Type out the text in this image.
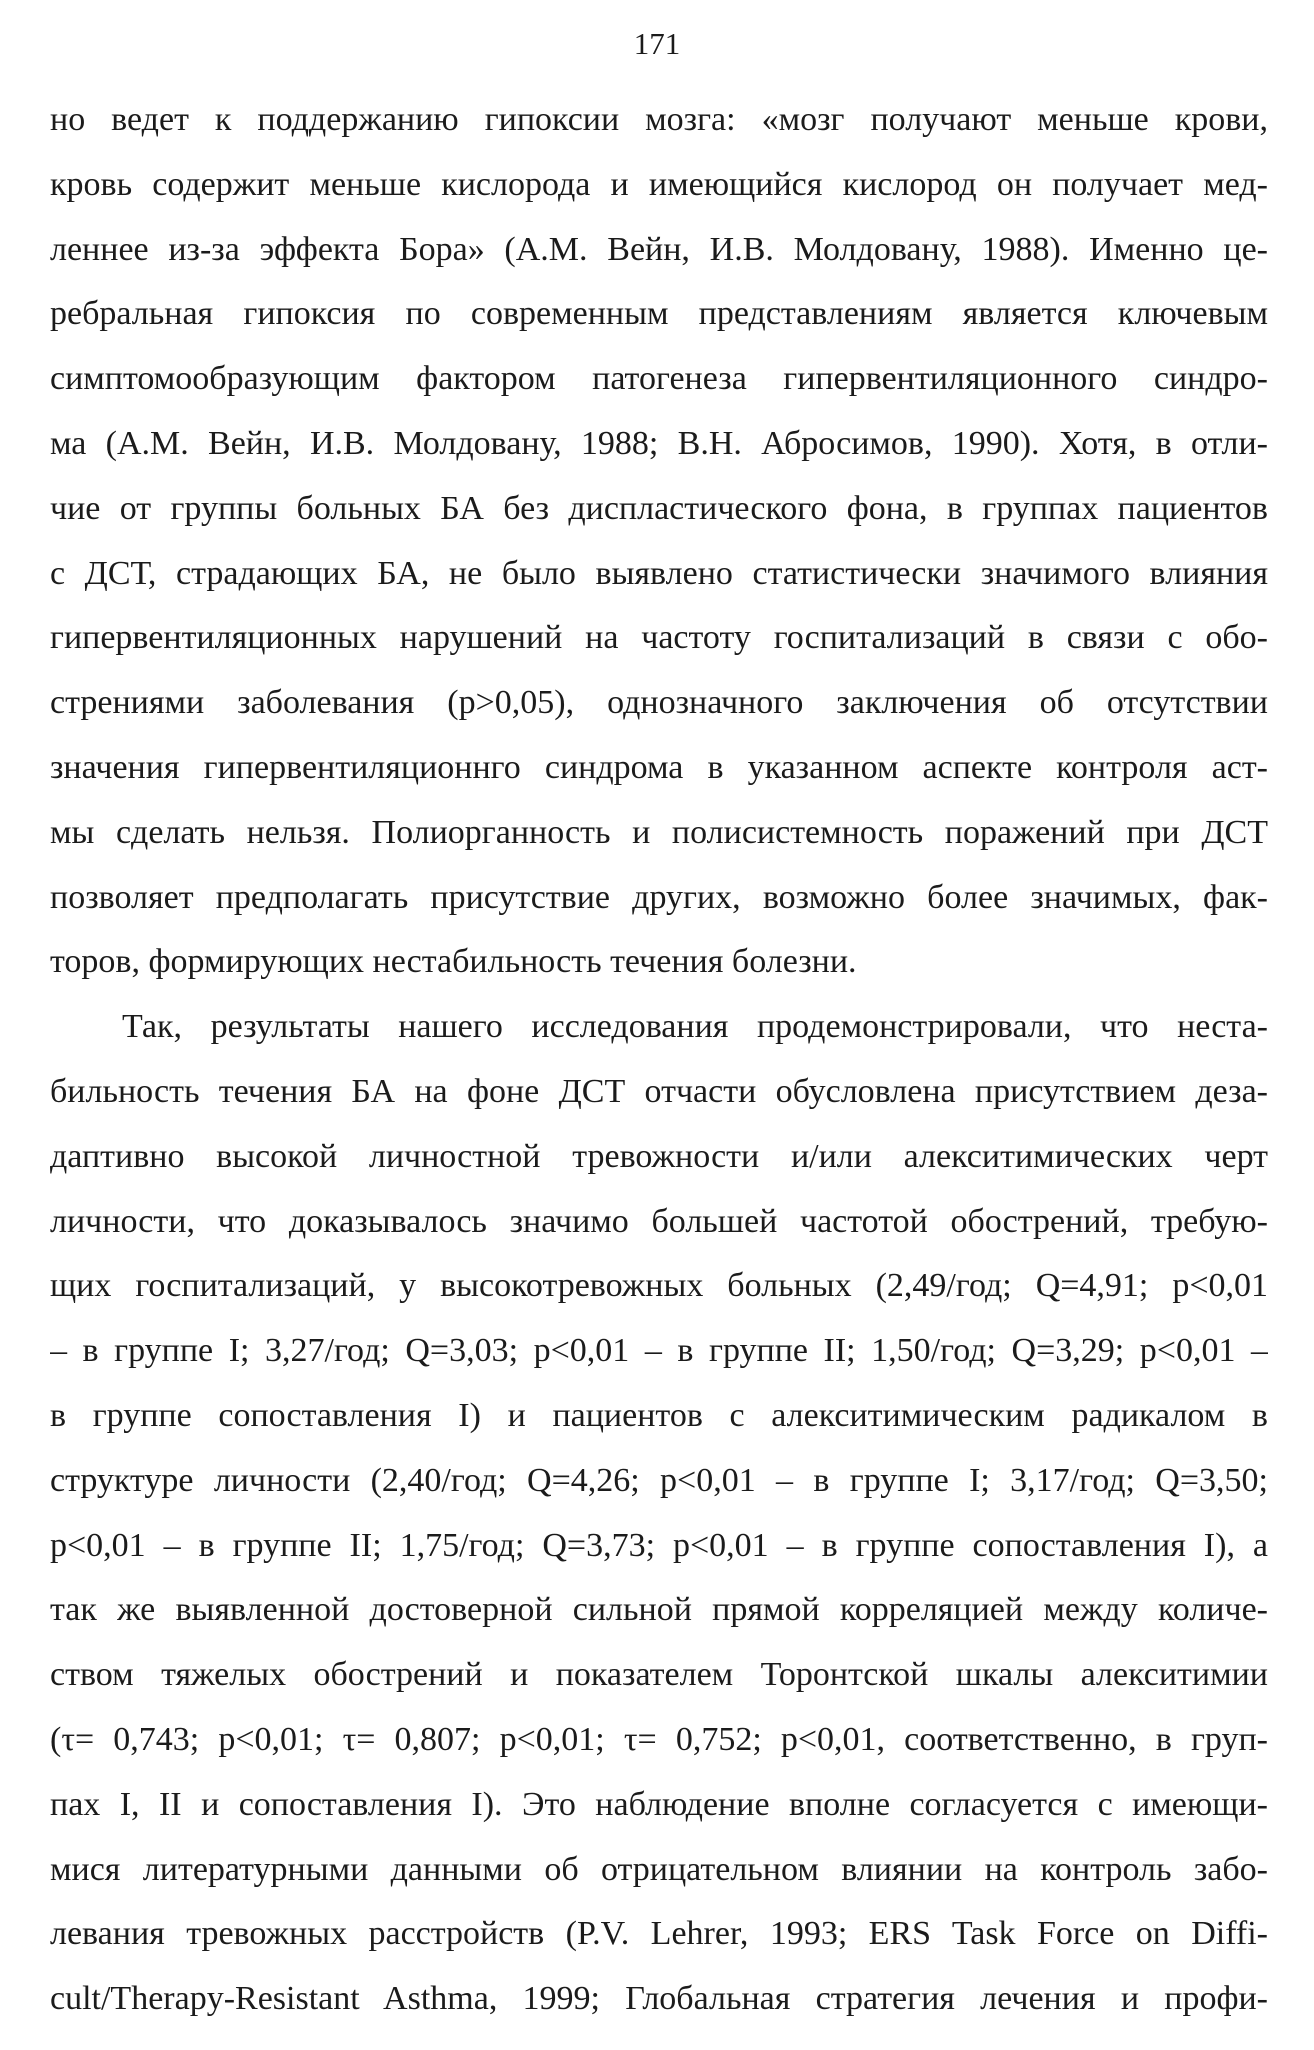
171
но ведет к поддержанию гипоксии мозга: «мозг получают меньше крови,
кровь содержит меньше кислорода и имеющийся кислород он получает мед-
леннее из-за эффекта Бора» (А.М. Вейн, И.В. Молдовану, 1988). Именно це-
ребральная гипоксия по современным представлениям является ключевым
симптомообразующим фактором патогенеза гипервентиляционного синдро-
ма (А.М. Вейн, И.В. Молдовану, 1988; В.Н. Абросимов, 1990). Хотя, в отли-
чие от группы больных БА без диспластического фона, в группах пациентов
с ДСТ, страдающих БА, не было выявлено статистически значимого влияния
гипервентиляционных нарушений на частоту госпитализаций в связи с обо-
стрениями заболевания (р>0,05), однозначного заключения об отсутствии
значения гипервентиляционнго синдрома в указанном аспекте контроля аст-
мы сделать нельзя. Полиорганность и полисистемность поражений при ДСТ
позволяет предполагать присутствие других, возможно более значимых, фак-
торов, формирующих нестабильность течения болезни.
Так, результаты нашего исследования продемонстрировали, что неста-
бильность течения БА на фоне ДСТ отчасти обусловлена присутствием деза-
даптивно высокой личностной тревожности и/или алекситимических черт
личности, что доказывалось значимо большей частотой обострений, требую-
щих госпитализаций, у высокотревожных больных (2,49/год; Q=4,91; p<0,01
– в группе I; 3,27/год; Q=3,03; p<0,01 – в группе II; 1,50/год; Q=3,29; p<0,01 –
в группе сопоставления I) и пациентов с алекситимическим радикалом в
структуре личности (2,40/год; Q=4,26; p<0,01 – в группе I; 3,17/год; Q=3,50;
p<0,01 – в группе II; 1,75/год; Q=3,73; p<0,01 – в группе сопоставления I), а
так же выявленной достоверной сильной прямой корреляцией между количе-
ством тяжелых обострений и показателем Торонтской шкалы алекситимии
(τ= 0,743; p<0,01; τ= 0,807; p<0,01; τ= 0,752; p<0,01, соответственно, в груп-
пах I, II и сопоставления I). Это наблюдение вполне согласуется с имеющи-
мися литературными данными об отрицательном влиянии на контроль забо-
левания тревожных расстройств (P.V. Lehrer, 1993; ERS Task Force on Diffi-
cult/Therapy-Resistant Asthma, 1999; Глобальная стратегия лечения и профи-
